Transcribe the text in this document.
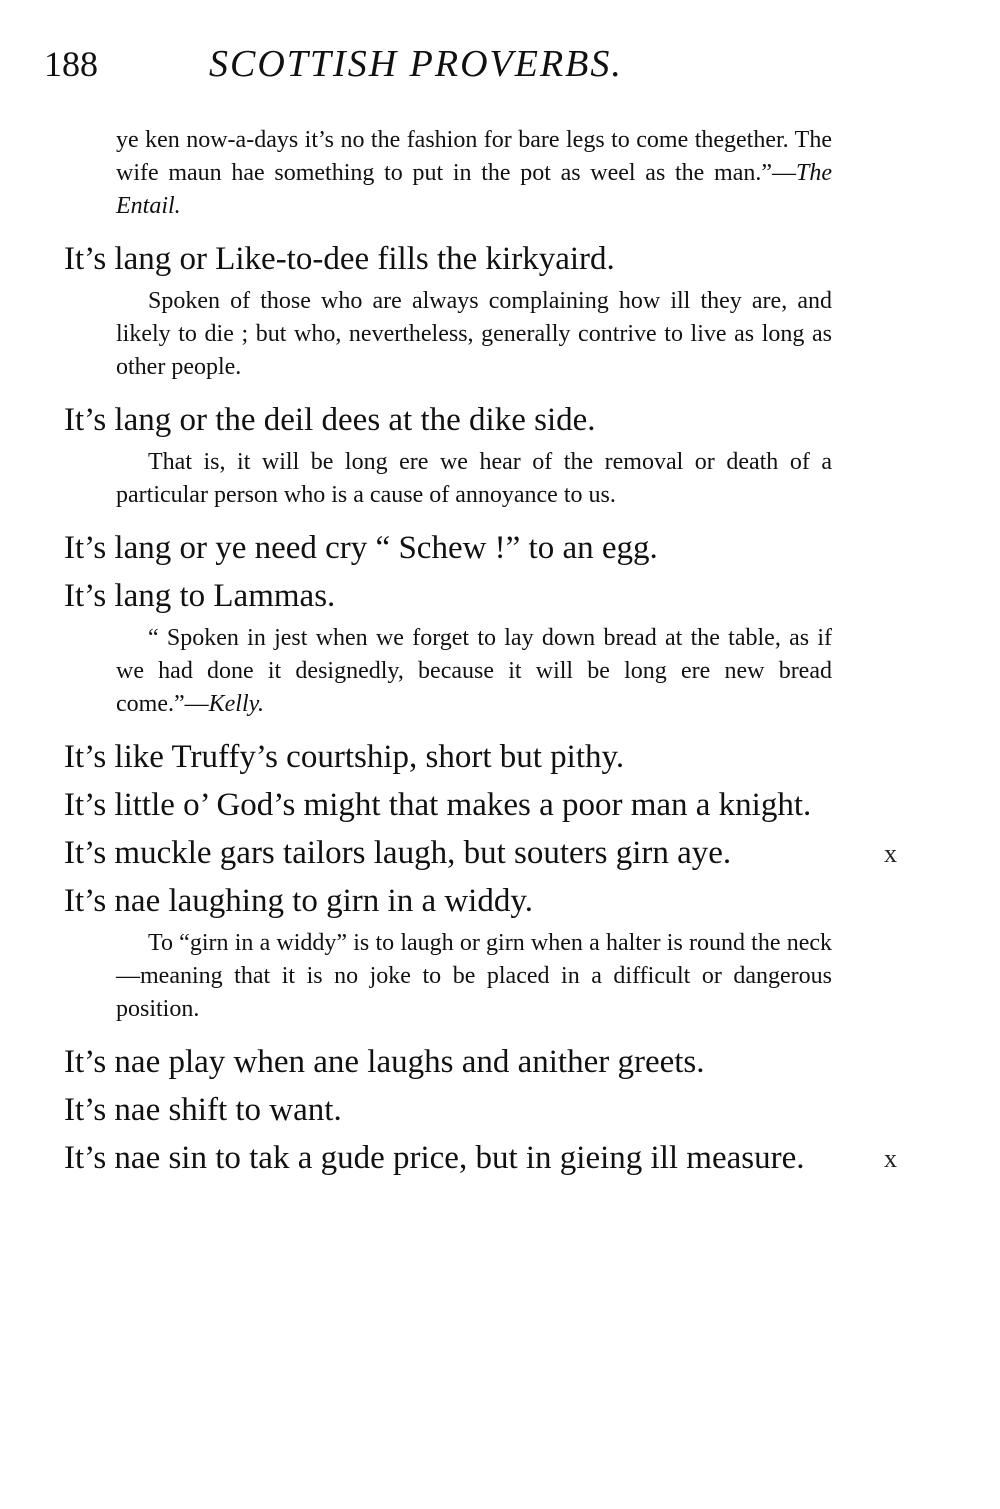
188	SCOTTISH PROVERBS.

ye ken now-a-days it’s no the fashion for bare legs to come thegether. The wife maun hae something to put in the pot as weel as the man.”—The Entail.

It’s lang or Like-to-dee fills the kirkyaird.

Spoken of those who are always complaining how ill they are, and likely to die ; but who, nevertheless, generally contrive to live as long as other people.

It’s lang or the deil dees at the dike side.

That is, it will be long ere we hear of the removal or death of a particular person who is a cause of annoyance to us.

It’s lang or ye need cry “ Schew !” to an egg.
It’s lang to Lammas.

“ Spoken in jest when we forget to lay down bread at the table, as if we had done it designedly, because it will be long ere new bread come.”—Kelly.

It’s like Truffy’s courtship, short but pithy.
It’s little o’ God’s might that makes a poor man a knight.
It’s muckle gars tailors laugh, but souters girn aye.	x
It’s nae laughing to girn in a widdy.

To “girn in a widdy” is to laugh or girn when a halter is round the neck—meaning that it is no joke to be placed in a difficult or dangerous position.

It’s nae play when ane laughs and anither greets.
It’s nae shift to want.
It’s nae sin to tak a gude price, but in gieing ill measure.	x
